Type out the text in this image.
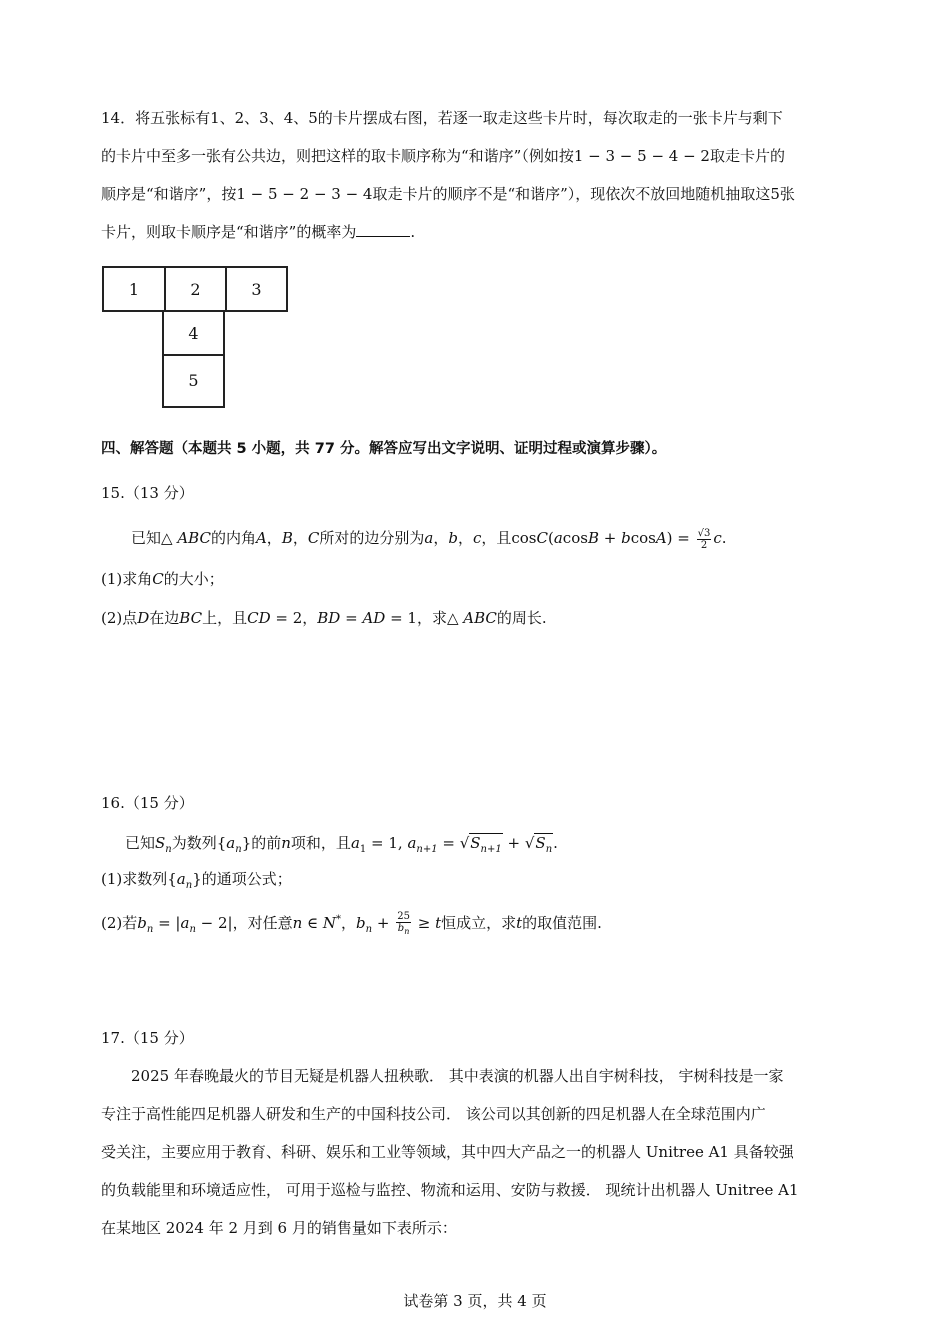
14．将五张标有1、2、3、4、5的卡片摆成右图，若逐一取走这些卡片时，每次取走的一张卡片与剩下
的卡片中至多一张有公共边，则把这样的取卡顺序称为“和谐序”（例如按1 − 3 − 5 − 4 − 2取走卡片的
顺序是“和谐序”，按1 − 5 − 2 − 3 − 4取走卡片的顺序不是“和谐序”），现依次不放回地随机抽取这5张
卡片，则取卡顺序是“和谐序”的概率为	.
1	2	3
4
5
四、解答题（本题共 5 小题，共 77 分。解答应写出文字说明、证明过程或演算步骤）。
15.（13 分）
已知△ ABC的内角A，B，C所对的边分别为a，b，c，且$\cos C(acosB + bcosA) = \frac{√3}{2} c$.
(1)求角C的大小；
(2)点D在边BC上，且CD = 2，BD = AD = 1，求△ ABC的周长.
16.（15 分）
已知$S_n$为数列$\{a_n\}$的前n项和，且$a_1 = 1$, $a_{n+1} = √S_{n+1} + √S_n$.
(1)求数列$\{a_n\}$的通项公式；
(2)若$b_n = |a_n - 2|$，对任意n ∈ N*，$b_n + \frac{25}{b_n} \ge t$恒成立，求t的取值范围.
17.（15 分）
2025 年春晚最火的节目无疑是机器人扭秧歌． 其中表演的机器人出自宇树科技， 宇树科技是一家
专注于高性能四足机器人研发和生产的中国科技公司． 该公司以其创新的四足机器人在全球范围内广
受关注，主要应用于教育、科研、娱乐和工业等领域，其中四大产品之一的机器人 Unitree A1 具备较强
的负载能里和环境适应性， 可用于巡检与监控、物流和运用、安防与救援． 现统计出机器人 Unitree A1
在某地区 2024 年 2 月到 6 月的销售量如下表所示：
试卷第 3 页，共 4 页
